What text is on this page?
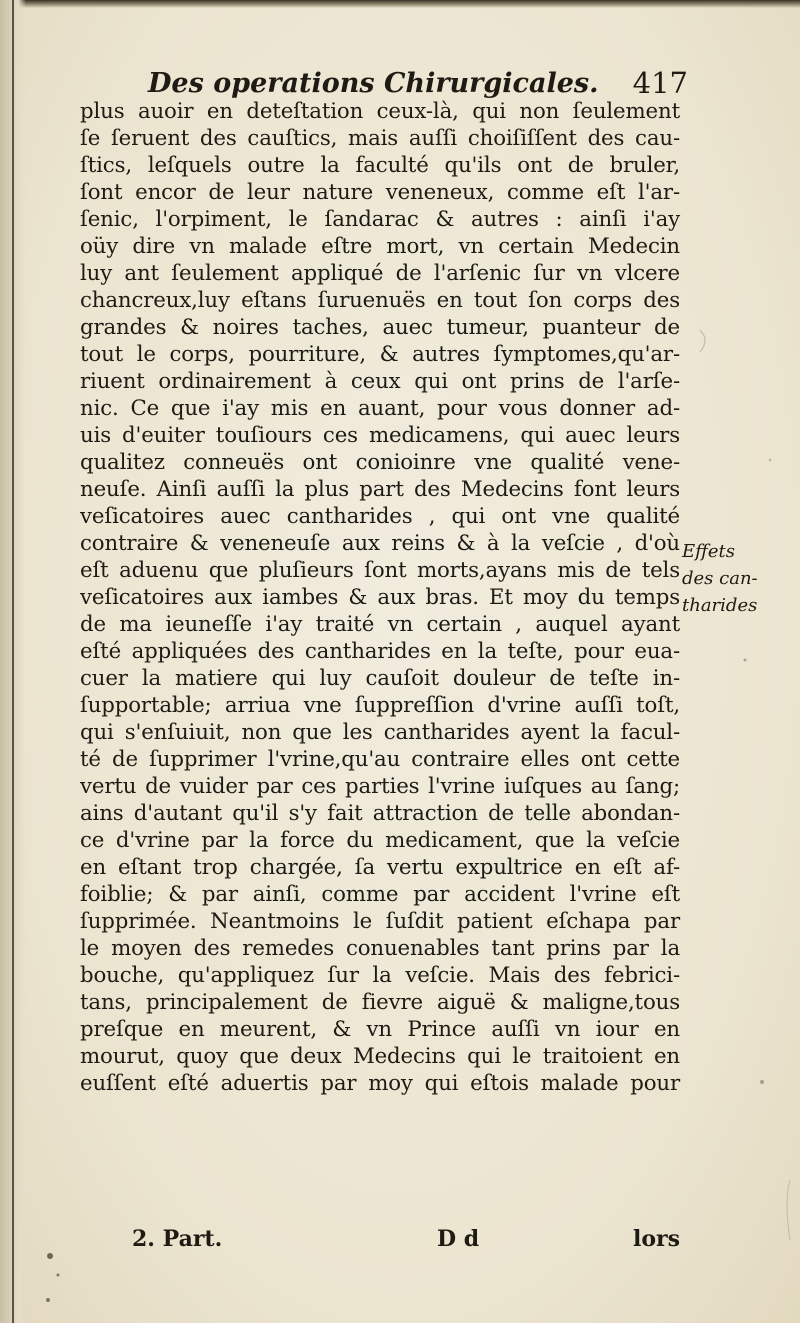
Des operations Chirurgicales. 417
plus auoir en deteſtation ceux-là, qui non ſeulement
ſe ſeruent des cauſtics, mais auſſi choiſiſſent des cau-
ſtics, leſquels outre la faculté qu'ils ont de bruler,
ſont encor de leur nature veneneux, comme eſt l'ar-
ſenic, l'orpiment, le ſandarac & autres : ainſi i'ay
oüy dire vn malade eſtre mort, vn certain Medecin
luy ant ſeulement appliqué de l'arſenic ſur vn vlcere
chancreux,luy eſtans ſuruenuës en tout ſon corps des
grandes & noires taches, auec tumeur, puanteur de
tout le corps, pourriture, & autres ſymptomes,qu'ar-
riuent ordinairement à ceux qui ont prins de l'arſe-
nic. Ce que i'ay mis en auant, pour vous donner ad-
uis d'euiter touſiours ces medicamens, qui auec leurs
qualitez conneuës ont conioinre vne qualité vene-
neuſe. Ainſi auſſi la plus part des Medecins font leurs
veſicatoires auec cantharides , qui ont vne qualité
contraire & veneneuſe aux reins & à la veſcie , d'où
eſt aduenu que pluſieurs ſont morts,ayans mis de tels
veſicatoires aux iambes & aux bras. Et moy du temps
de ma ieuneſſe i'ay traité vn certain , auquel ayant
eſté appliquées des cantharides en la teſte, pour eua-
cuer la matiere qui luy cauſoit douleur de teſte in-
ſupportable; arriua vne ſuppreſſion d'vrine auſſi toſt,
qui s'enſuiuit, non que les cantharides ayent la facul-
té de ſupprimer l'vrine,qu'au contraire elles ont cette
vertu de vuider par ces parties l'vrine iuſques au ſang;
ains d'autant qu'il s'y fait attraction de telle abondan-
ce d'vrine par la force du medicament, que la veſcie
en eſtant trop chargée, ſa vertu expultrice en eſt af-
foiblie; & par ainſi, comme par accident l'vrine eſt
ſupprimée. Neantmoins le ſuſdit patient eſchapa par
le moyen des remedes conuenables tant prins par la
bouche, qu'appliquez ſur la veſcie. Mais des febrici-
tans, principalement de fievre aiguë & maligne,tous
preſque en meurent, & vn Prince auſſi vn iour en
mourut, quoy que deux Medecins qui le traitoient en
euſſent eſté aduertis par moy qui eſtois malade pour
Effets
des can-
tharides
2. Part.	D d	lors
